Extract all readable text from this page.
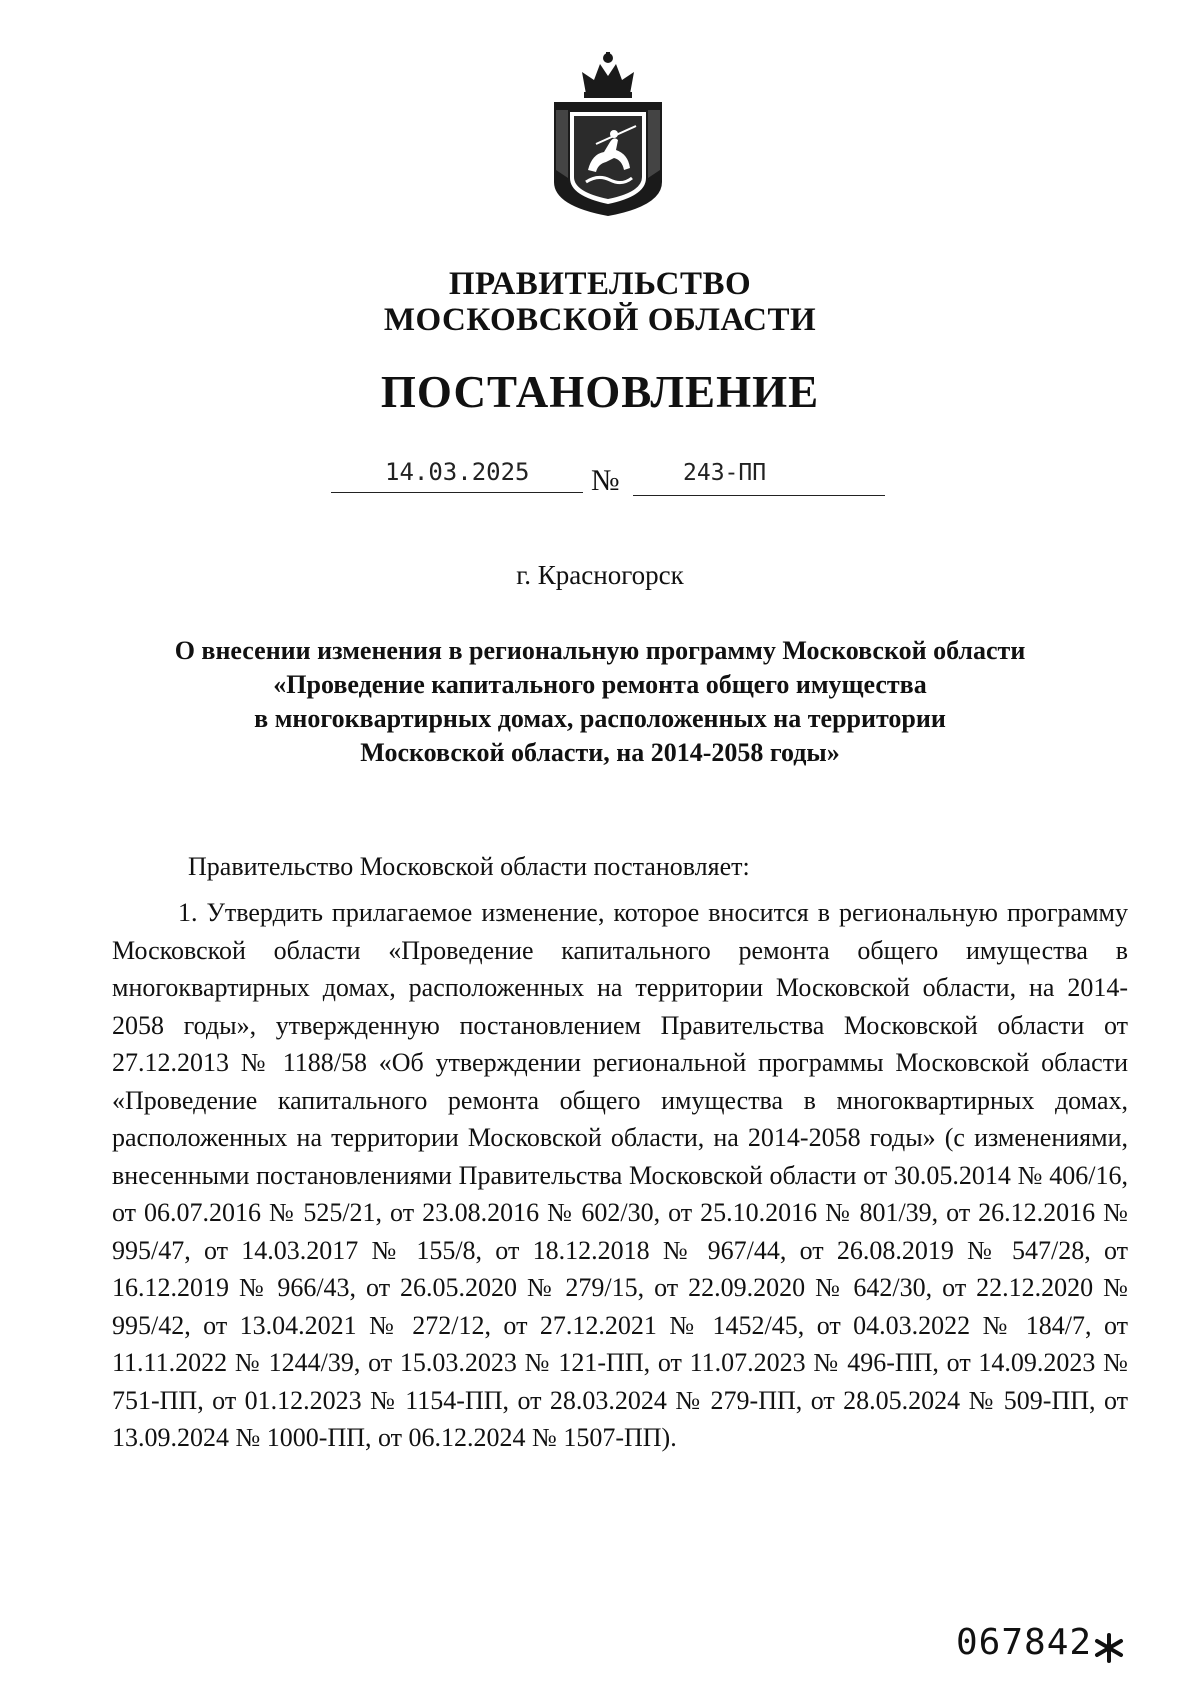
ПРАВИТЕЛЬСТВО
МОСКОВСКОЙ ОБЛАСТИ
ПОСТАНОВЛЕНИЕ
14.03.2025 №	243-ПП
г. Красногорск
О внесении изменения в региональную программу Московской области
«Проведение капитального ремонта общего имущества
в многоквартирных домах, расположенных на территории
Московской области, на 2014-2058 годы»
Правительство Московской области постановляет:
1. Утвердить прилагаемое изменение, которое вносится в региональную программу Московской области «Проведение капитального ремонта общего имущества в многоквартирных домах, расположенных на территории Московской области, на 2014-2058 годы», утвержденную постановлением Правительства Московской области от 27.12.2013 № 1188/58 «Об утверждении региональной программы Московской области «Проведение капитального ремонта общего имущества в многоквартирных домах, расположенных на территории Московской области, на 2014-2058 годы» (с изменениями, внесенными постановлениями Правительства Московской области от 30.05.2014 № 406/16, от 06.07.2016 № 525/21, от 23.08.2016 № 602/30, от 25.10.2016 № 801/39, от 26.12.2016 № 995/47, от 14.03.2017 № 155/8, от 18.12.2018 № 967/44, от 26.08.2019 № 547/28, от 16.12.2019 № 966/43, от 26.05.2020 № 279/15, от 22.09.2020 № 642/30, от 22.12.2020 № 995/42, от 13.04.2021 № 272/12, от 27.12.2021 № 1452/45, от 04.03.2022 № 184/7, от 11.11.2022 № 1244/39, от 15.03.2023 № 121-ПП, от 11.07.2023 № 496-ПП, от 14.09.2023 № 751-ПП, от 01.12.2023 № 1154-ПП, от 28.03.2024 № 279-ПП, от 28.05.2024 № 509-ПП, от 13.09.2024 № 1000-ПП, от 06.12.2024 № 1507-ПП).
067842
